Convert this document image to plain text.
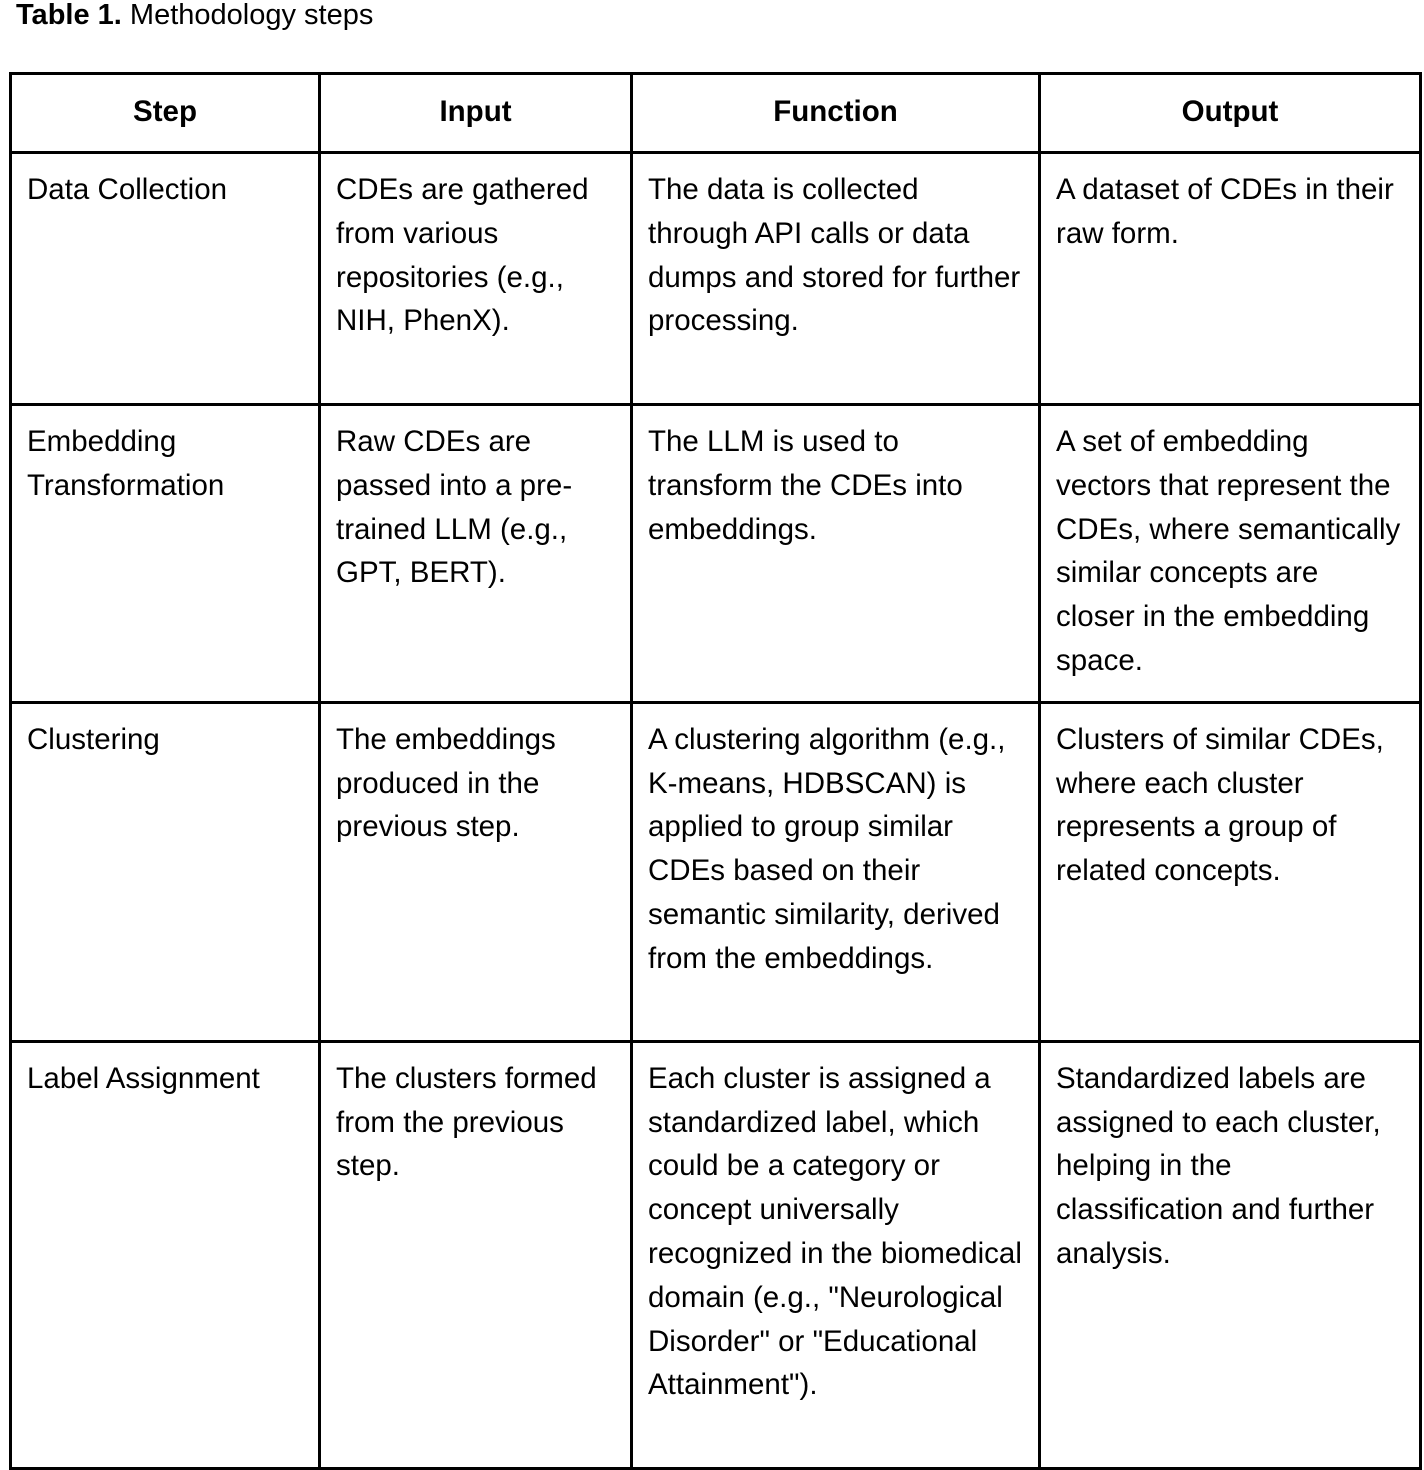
Table 1. Methodology steps
Step	Input	Function	Output
Data Collection	CDEs are gathered from various repositories (e.g., NIH, PhenX).	The data is collected through API calls or data dumps and stored for further processing.	A dataset of CDEs in their raw form.
Embedding Transformation	Raw CDEs are passed into a pre-trained LLM (e.g., GPT, BERT).	The LLM is used to transform the CDEs into embeddings.	A set of embedding vectors that represent the CDEs, where semantically similar concepts are closer in the embedding space.
Clustering	The embeddings produced in the previous step.	A clustering algorithm (e.g., K-means, HDBSCAN) is applied to group similar CDEs based on their semantic similarity, derived from the embeddings.	Clusters of similar CDEs, where each cluster represents a group of related concepts.
Label Assignment	The clusters formed from the previous step.	Each cluster is assigned a standardized label, which could be a category or concept universally recognized in the biomedical domain (e.g., "Neurological Disorder" or "Educational Attainment").	Standardized labels are assigned to each cluster, helping in the classification and further analysis.
